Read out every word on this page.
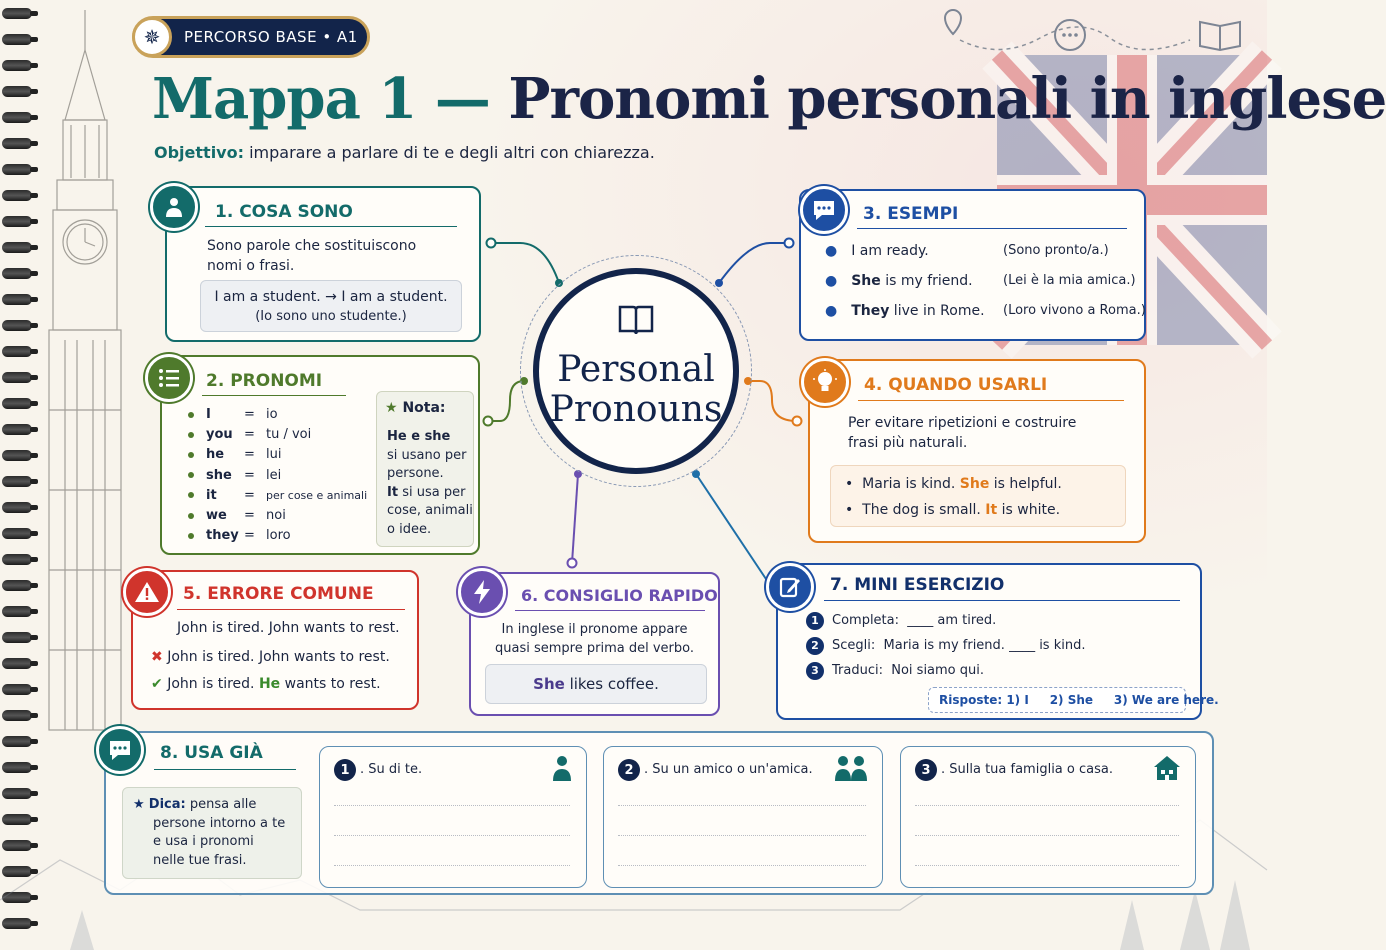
✵	PERCORSO BASE • A1
Mappa 1 — Pronomi personali in inglese
Objettivo: imparare a parlare di te e degli altri con chiarezza.
Personal
Pronouns
1. COSA SONO
Sono parole che sostituiscono
nomi o frasi.
I am a student. → I am a student.
(Io sono uno studente.)
2. PRONOMI
I	= io
you = tu / voi
he = lui
she = lei
it = per cose e animali
we = noi
they = loro
★ Nota:
He e she
si usano per
persone.
It si usa per
cose, animali
o idee.
3. ESEMPI
● I am ready.	(Sono pronto/a.)
● She is my friend. (Lei è la mia amica.)
● They live in Rome. (Loro vivono a Roma.)
4. QUANDO USARLI
Per evitare ripetizioni e costruire
frasi più naturali.
•  Maria is kind. She is helpful.
•  The dog is small. It is white.
5. ERRORE COMUNE
John is tired. John wants to rest.
✖ John is tired. John wants to rest.
✔ John is tired. He wants to rest.
6. CONSIGLIO RAPIDO
In inglese il pronome appare
quasi sempre prima del verbo.
She likes coffee.
7. MINI ESERCIZIO
1 Completa: ____ am tired.
2 Scegli: Maria is my friend. ____ is kind.
3 Traduci: Noi siamo qui.
Risposte: 1) I     2) She     3) We are here.
8. USA GIÀ
★ Dica: pensa alle
persone intorno a te
e usa i pronomi
nelle tue frasi.
1 . Su di te.	2 . Su un amico o un'amica.	3 . Sulla tua famiglia o casa.
